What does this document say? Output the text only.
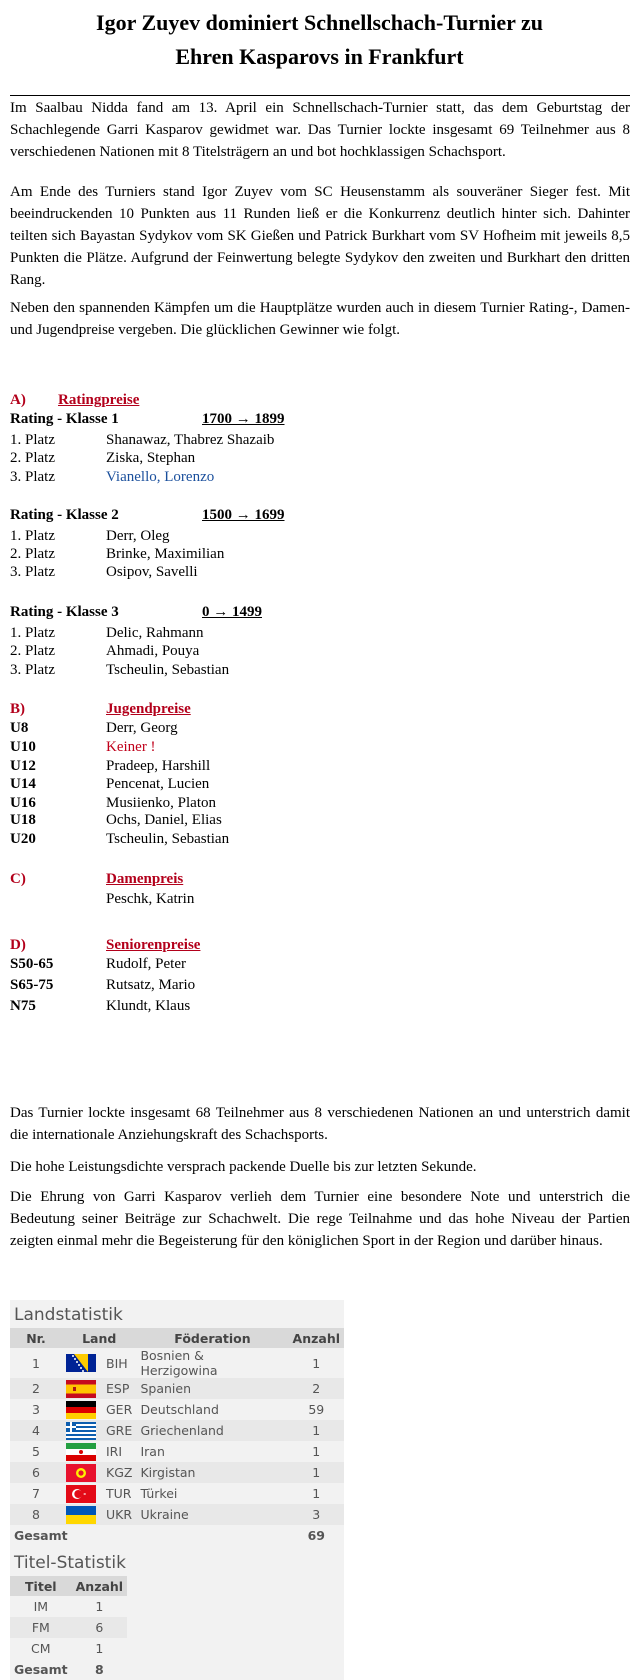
Igor Zuyev dominiert Schnellschach-Turnier zu
Ehren Kasparovs in Frankfurt

Im Saalbau Nidda fand am 13. April ein Schnellschach-Turnier statt, das dem Geburtstag der Schachlegende Garri Kasparov gewidmet war. Das Turnier lockte insgesamt 69 Teilnehmer aus 8 verschiedenen Nationen mit 8 Titelsträgern an und bot hochklassigen Schachsport.

Am Ende des Turniers stand Igor Zuyev vom SC Heusenstamm als souveräner Sieger fest. Mit beeindruckenden 10 Punkten aus 11 Runden ließ er die Konkurrenz deutlich hinter sich. Dahinter teilten sich Bayastan Sydykov vom SK Gießen und Patrick Burkhart vom SV Hofheim mit jeweils 8,5 Punkten die Plätze. Aufgrund der Feinwertung belegte Sydykov den zweiten und Burkhart den dritten Rang.

Neben den spannenden Kämpfen um die Hauptplätze wurden auch in diesem Turnier Rating-, Damen- und Jugendpreise vergeben. Die glücklichen Gewinner wie folgt.

A) Ratingpreise
Rating - Klasse 1	1700 → 1899
1. Platz	Shanawaz, Thabrez Shazaib
2. Platz	Ziska, Stephan
3. Platz	Vianello, Lorenzo
Rating - Klasse 2	1500 → 1699
1. Platz	Derr, Oleg
2. Platz	Brinke, Maximilian
3. Platz	Osipov, Savelli
Rating - Klasse 3	0 → 1499
1. Platz	Delic, Rahmann
2. Platz	Ahmadi, Pouya
3. Platz	Tscheulin, Sebastian
B)	Jugendpreise
U8	Derr, Georg
U10	Keiner !
U12	Pradeep, Harshill
U14	Pencenat, Lucien
U16	Musiienko, Platon
U18	Ochs, Daniel, Elias
U20	Tscheulin, Sebastian
C)	Damenpreis
Peschk, Katrin
D)	Seniorenpreise
S50-65	Rudolf, Peter
S65-75	Rutsatz, Mario
N75	Klundt, Klaus

Das Turnier lockte insgesamt 68 Teilnehmer aus 8 verschiedenen Nationen an und unterstrich damit die internationale Anziehungskraft des Schachsports.

Die hohe Leistungsdichte versprach packende Duelle bis zur letzten Sekunde.

Die Ehrung von Garri Kasparov verlieh dem Turnier eine besondere Note und unterstrich die Bedeutung seiner Beiträge zur Schachwelt. Die rege Teilnahme und das hohe Niveau der Partien zeigten einmal mehr die Begeisterung für den königlichen Sport in der Region und darüber hinaus.

Landstatistik
Nr.	Land		Föderation	Anzahl
1		BIH	Bosnien & Herzigowina	1
2		ESP	Spanien	2
3		GER	Deutschland	59
4		GRE	Griechenland	1
5		IRI	Iran	1
6		KGZ	Kirgistan	1
7		TUR	Türkei	1
8		UKR	Ukraine	3
Gesamt				69
Titel-Statistik
Titel	Anzahl
IM	1
FM	6
CM	1
Gesamt	8
